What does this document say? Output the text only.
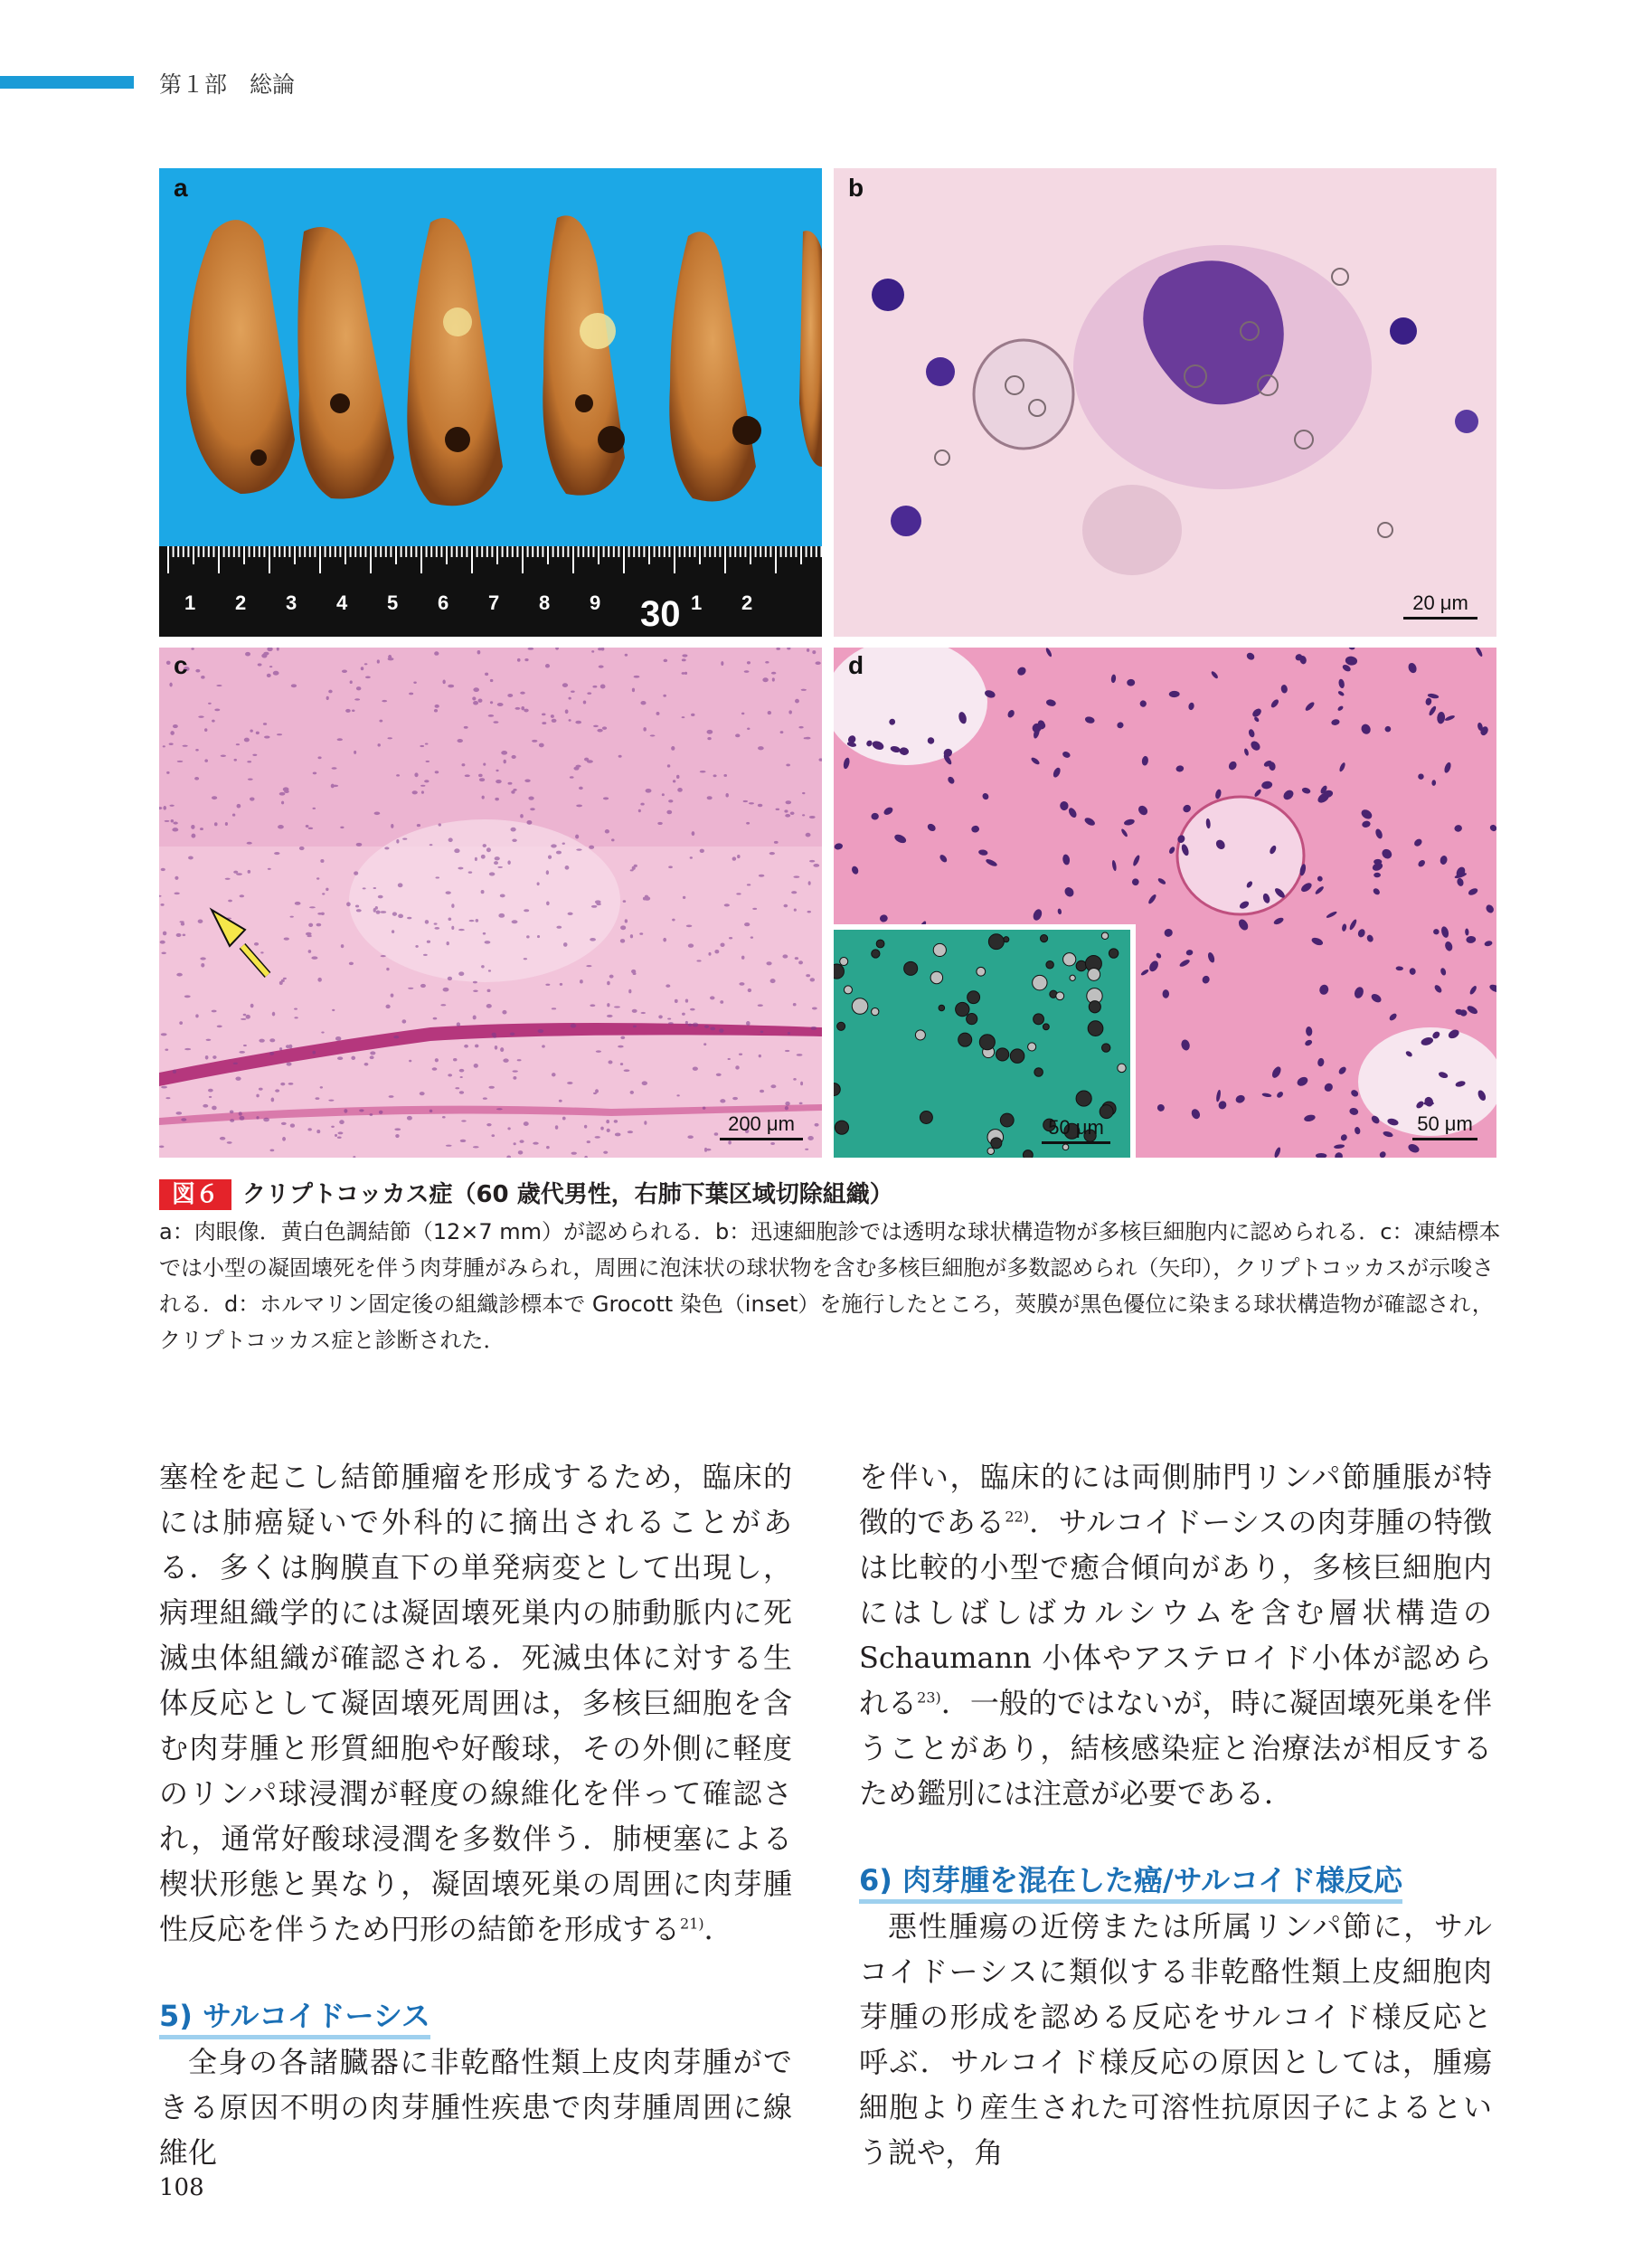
第１部　総論
1 2 3 4 5 6 7 8 9 30 1 2
a	b
20 μm
c
200 μm	50 μm
d
50 μm
図６ クリプトコッカス症（60 歳代男性，右肺下葉区域切除組織）
a：肉眼像．黄白色調結節（12×7 mm）が認められる．b：迅速細胞診では透明な球状構造物が多核巨細胞内に認められる．c：凍結標本では小型の凝固壊死を伴う肉芽腫がみられ，周囲に泡沫状の球状物を含む多核巨細胞が多数認められ（矢印），クリプトコッカスが示唆される．d：ホルマリン固定後の組織診標本で Grocott 染色（inset）を施行したところ，莢膜が黒色優位に染まる球状構造物が確認され，クリプトコッカス症と診断された．

塞栓を起こし結節腫瘤を形成するため，臨床的には肺癌疑いで外科的に摘出されることがある．多くは胸膜直下の単発病変として出現し，病理組織学的には凝固壊死巣内の肺動脈内に死滅虫体組織が確認される．死滅虫体に対する生体反応として凝固壊死周囲は，多核巨細胞を含む肉芽腫と形質細胞や好酸球，その外側に軽度のリンパ球浸潤が軽度の線維化を伴って確認され，通常好酸球浸潤を多数伴う．肺梗塞による楔状形態と異なり，凝固壊死巣の周囲に肉芽腫性反応を伴うため円形の結節を形成する$^{21)}$．

5) サルコイドーシス

全身の各諸臓器に非乾酪性類上皮肉芽腫ができる原因不明の肉芽腫性疾患で肉芽腫周囲に線維化

を伴い，臨床的には両側肺門リンパ節腫脹が特徴的である$^{22)}$．サルコイドーシスの肉芽腫の特徴は比較的小型で癒合傾向があり，多核巨細胞内にはしばしばカルシウムを含む層状構造の Schaumann 小体やアステロイド小体が認められる$^{23)}$．一般的ではないが，時に凝固壊死巣を伴うことがあり，結核感染症と治療法が相反するため鑑別には注意が必要である．

6) 肉芽腫を混在した癌/サルコイド様反応

悪性腫瘍の近傍または所属リンパ節に，サルコイドーシスに類似する非乾酪性類上皮細胞肉芽腫の形成を認める反応をサルコイド様反応と呼ぶ．サルコイド様反応の原因としては，腫瘍細胞より産生された可溶性抗原因子によるという説や，角

108
